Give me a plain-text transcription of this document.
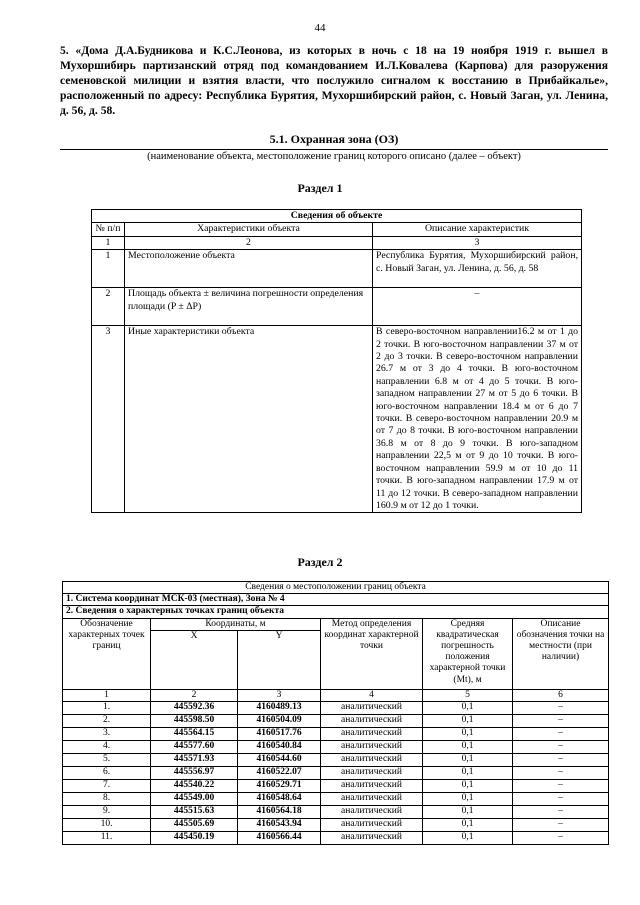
44
5. «Дома Д.А.Будникова и К.С.Леонова, из которых в ночь с 18 на 19 ноября 1919 г. вышел в Мухоршибирь партизанский отряд под командованием И.Л.Ковалева (Карпова) для разоружения семеновской милиции и взятия власти, что послужило сигналом к восстанию в Прибайкалье», расположенный по адресу: Республика Бурятия, Мухоршибирский район, с. Новый Заган, ул. Ленина, д. 56, д. 58.
5.1. Охранная зона (ОЗ)
(наименование объекта, местоположение границ которого описано (далее – объект)
Раздел 1
Сведения об объекте		
№ п/п	Характеристики объекта	Описание характеристик
1	2	3
1	Местоположение объекта	Республика Бурятия, Мухоршибирский район, с. Новый Заган, ул. Ленина, д. 56, д. 58
2	Площадь объекта ± величина погрешности определения площади (P ± ΔP)	–
3	Иные характеристики объекта	В северо-восточном направлении16.2 м от 1 до 2 точки. В юго-восточном направлении 37 м от 2 до 3 точки. В северо-восточном направлении 26.7 м от 3 до 4 точки. В юго-восточном направлении 6.8 м от 4 до 5 точки. В юго-западном направлении 27 м от 5 до 6 точки. В юго-восточном направлении 18.4 м от 6 до 7 точки. В северо-восточном направлении 20.9 м от 7 до 8 точки. В юго-восточном направлении 36.8 м от 8 до 9 точки. В юго-западном направлении 22,5 м от 9 до 10 точки. В юго-восточном направлении 59.9 м от 10 до 11 точки. В юго-западном направлении 17.9 м от 11 до 12 точки. В северо-западном направлении 160.9 м от 12 до 1 точки.
Раздел 2
Сведения о местоположении границ объекта					
1. Система координат МСК-03 (местная), Зона № 4					
2. Сведения о характерных точках границ объекта					
Обозначение характерных точек границ	Координаты, м		Метод определения координат характерной точки	Средняя квадратическая погрешность положения характерной точки (Mt), м	Описание обозначения точки на местности (при наличии)
	X	Y			
1	2	3	4	5	6
1.	445592.36	4160489.13	аналитический	0,1	–
2.	445598.50	4160504.09	аналитический	0,1	–
3.	445564.15	4160517.76	аналитический	0,1	–
4.	445577.60	4160540.84	аналитический	0,1	–
5.	445571.93	4160544.60	аналитический	0,1	–
6.	445556.97	4160522.07	аналитический	0,1	–
7.	445540.22	4160529.71	аналитический	0,1	–
8.	445549.00	4160548.64	аналитический	0,1	–
9.	445515.63	4160564.18	аналитический	0,1	–
10.	445505.69	4160543.94	аналитический	0,1	–
11.	445450.19	4160566.44	аналитический	0,1	–
